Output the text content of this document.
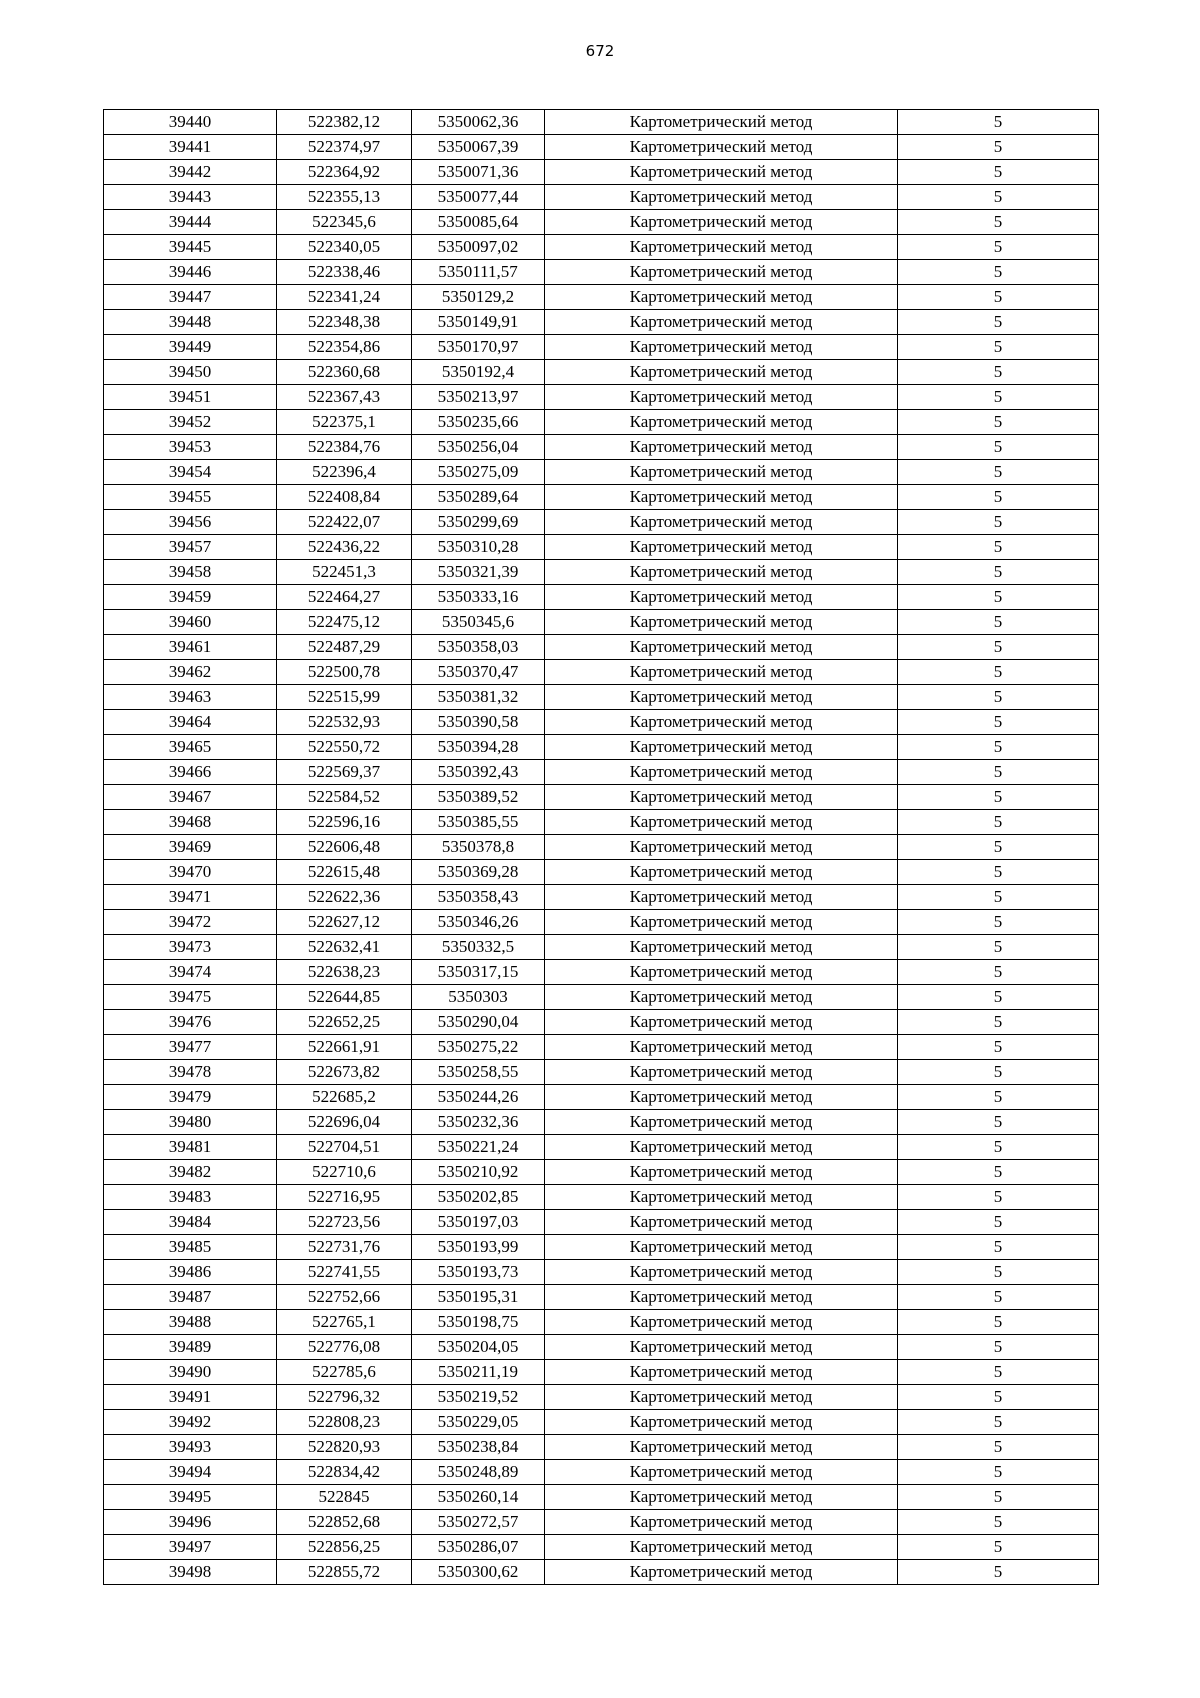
672
39440	522382,12	5350062,36	Картометрический метод	5
39441	522374,97	5350067,39	Картометрический метод	5
39442	522364,92	5350071,36	Картометрический метод	5
39443	522355,13	5350077,44	Картометрический метод	5
39444	522345,6	5350085,64	Картометрический метод	5
39445	522340,05	5350097,02	Картометрический метод	5
39446	522338,46	5350111,57	Картометрический метод	5
39447	522341,24	5350129,2	Картометрический метод	5
39448	522348,38	5350149,91	Картометрический метод	5
39449	522354,86	5350170,97	Картометрический метод	5
39450	522360,68	5350192,4	Картометрический метод	5
39451	522367,43	5350213,97	Картометрический метод	5
39452	522375,1	5350235,66	Картометрический метод	5
39453	522384,76	5350256,04	Картометрический метод	5
39454	522396,4	5350275,09	Картометрический метод	5
39455	522408,84	5350289,64	Картометрический метод	5
39456	522422,07	5350299,69	Картометрический метод	5
39457	522436,22	5350310,28	Картометрический метод	5
39458	522451,3	5350321,39	Картометрический метод	5
39459	522464,27	5350333,16	Картометрический метод	5
39460	522475,12	5350345,6	Картометрический метод	5
39461	522487,29	5350358,03	Картометрический метод	5
39462	522500,78	5350370,47	Картометрический метод	5
39463	522515,99	5350381,32	Картометрический метод	5
39464	522532,93	5350390,58	Картометрический метод	5
39465	522550,72	5350394,28	Картометрический метод	5
39466	522569,37	5350392,43	Картометрический метод	5
39467	522584,52	5350389,52	Картометрический метод	5
39468	522596,16	5350385,55	Картометрический метод	5
39469	522606,48	5350378,8	Картометрический метод	5
39470	522615,48	5350369,28	Картометрический метод	5
39471	522622,36	5350358,43	Картометрический метод	5
39472	522627,12	5350346,26	Картометрический метод	5
39473	522632,41	5350332,5	Картометрический метод	5
39474	522638,23	5350317,15	Картометрический метод	5
39475	522644,85	5350303	Картометрический метод	5
39476	522652,25	5350290,04	Картометрический метод	5
39477	522661,91	5350275,22	Картометрический метод	5
39478	522673,82	5350258,55	Картометрический метод	5
39479	522685,2	5350244,26	Картометрический метод	5
39480	522696,04	5350232,36	Картометрический метод	5
39481	522704,51	5350221,24	Картометрический метод	5
39482	522710,6	5350210,92	Картометрический метод	5
39483	522716,95	5350202,85	Картометрический метод	5
39484	522723,56	5350197,03	Картометрический метод	5
39485	522731,76	5350193,99	Картометрический метод	5
39486	522741,55	5350193,73	Картометрический метод	5
39487	522752,66	5350195,31	Картометрический метод	5
39488	522765,1	5350198,75	Картометрический метод	5
39489	522776,08	5350204,05	Картометрический метод	5
39490	522785,6	5350211,19	Картометрический метод	5
39491	522796,32	5350219,52	Картометрический метод	5
39492	522808,23	5350229,05	Картометрический метод	5
39493	522820,93	5350238,84	Картометрический метод	5
39494	522834,42	5350248,89	Картометрический метод	5
39495	522845	5350260,14	Картометрический метод	5
39496	522852,68	5350272,57	Картометрический метод	5
39497	522856,25	5350286,07	Картометрический метод	5
39498	522855,72	5350300,62	Картометрический метод	5
